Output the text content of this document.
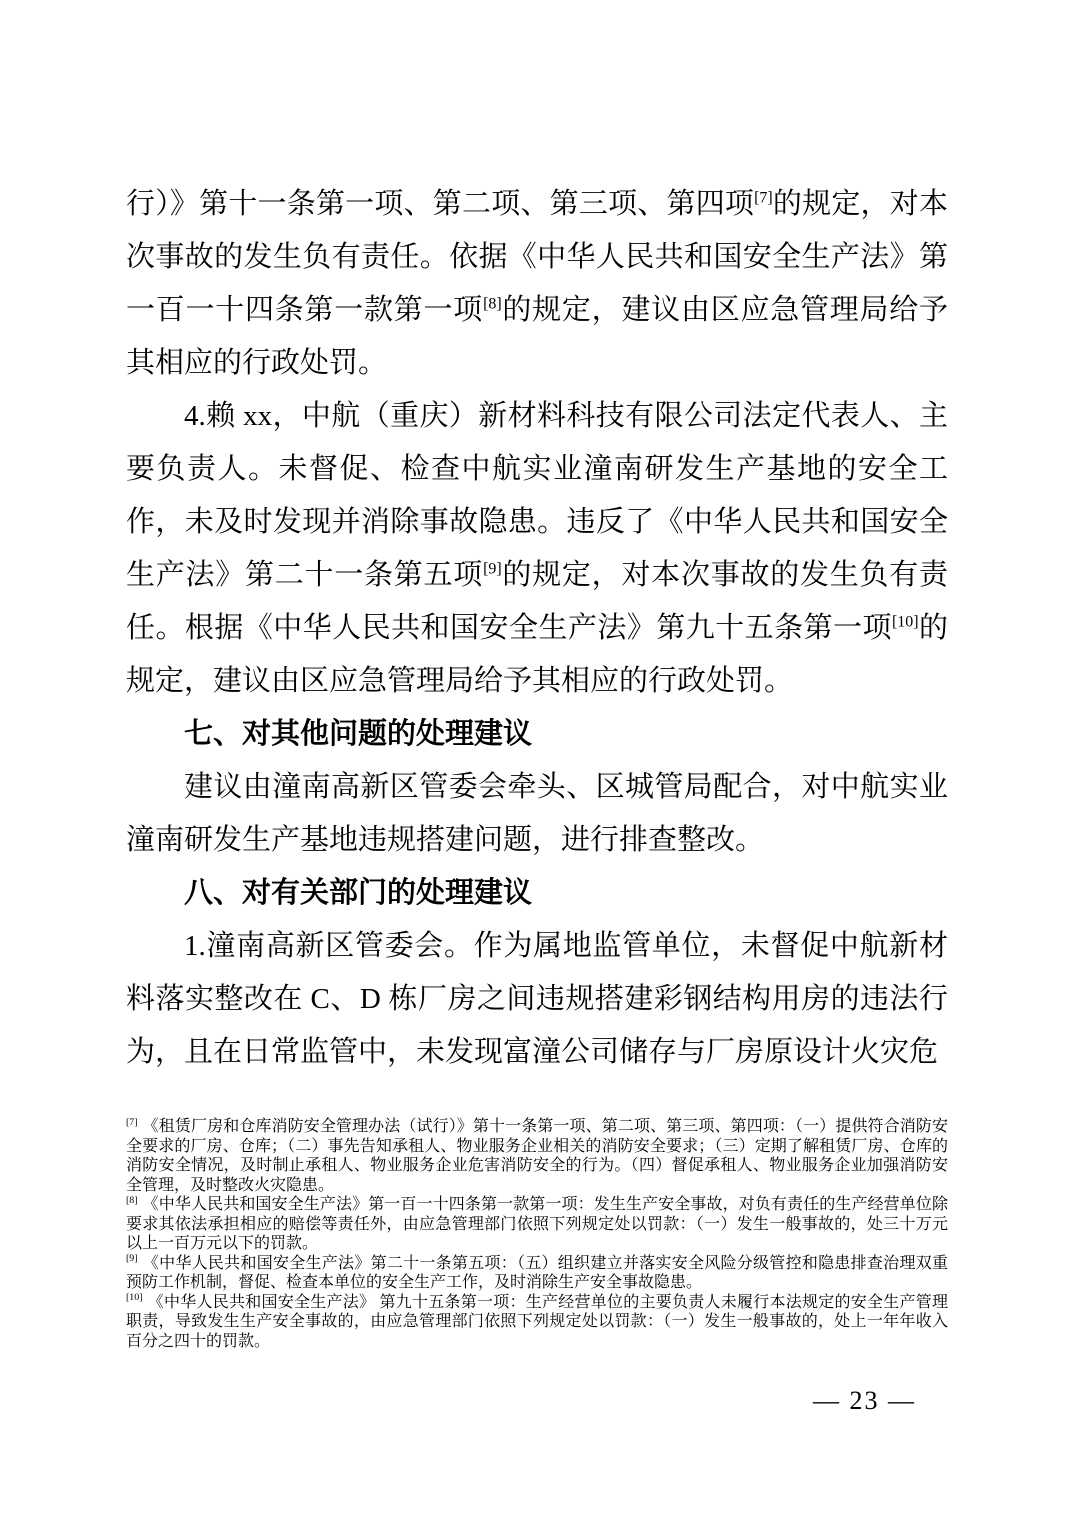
行）》第十一条第一项、第二项、第三项、第四项[7]的规定，对本次事故的发生负有责任。依据《中华人民共和国安全生产法》第一百一十四条第一款第一项[8]的规定，建议由区应急管理局给予其相应的行政处罚。

4.赖 xx，中航（重庆）新材料科技有限公司法定代表人、主要负责人。未督促、检查中航实业潼南研发生产基地的安全工作，未及时发现并消除事故隐患。违反了《中华人民共和国安全生产法》第二十一条第五项[9]的规定，对本次事故的发生负有责任。根据《中华人民共和国安全生产法》第九十五条第一项[10]的规定，建议由区应急管理局给予其相应的行政处罚。

七、对其他问题的处理建议

建议由潼南高新区管委会牵头、区城管局配合，对中航实业潼南研发生产基地违规搭建问题，进行排查整改。

八、对有关部门的处理建议

1.潼南高新区管委会。作为属地监管单位，未督促中航新材料落实整改在 C、D 栋厂房之间违规搭建彩钢结构用房的违法行为，且在日常监管中，未发现富潼公司储存与厂房原设计火灾危

[7] 《租赁厂房和仓库消防安全管理办法（试行）》第十一条第一项、第二项、第三项、第四项：（一）提供符合消防安全要求的厂房、仓库；（二）事先告知承租人、物业服务企业相关的消防安全要求；（三）定期了解租赁厂房、仓库的消防安全情况，及时制止承租人、物业服务企业危害消防安全的行为。（四）督促承租人、物业服务企业加强消防安全管理，及时整改火灾隐患。

[8] 《中华人民共和国安全生产法》第一百一十四条第一款第一项：发生生产安全事故，对负有责任的生产经营单位除要求其依法承担相应的赔偿等责任外，由应急管理部门依照下列规定处以罚款：（一）发生一般事故的，处三十万元以上一百万元以下的罚款。

[9] 《中华人民共和国安全生产法》第二十一条第五项：（五）组织建立并落实安全风险分级管控和隐患排查治理双重预防工作机制，督促、检查本单位的安全生产工作，及时消除生产安全事故隐患。

[10] 《中华人民共和国安全生产法》 第九十五条第一项：生产经营单位的主要负责人未履行本法规定的安全生产管理职责，导致发生生产安全事故的，由应急管理部门依照下列规定处以罚款：（一）发生一般事故的，处上一年年收入百分之四十的罚款。

— 23 —
